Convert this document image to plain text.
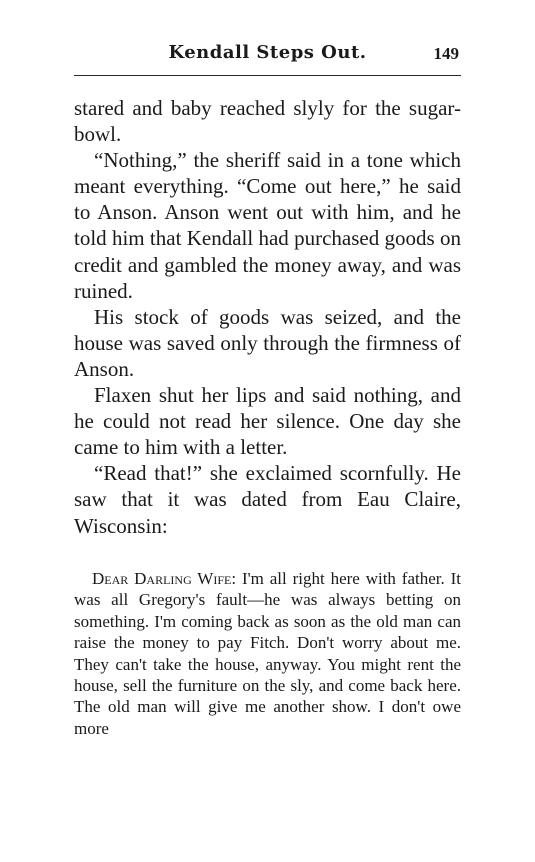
Kendall Steps Out.	149

stared and baby reached slyly for the sugar-bowl.

“Nothing,” the sheriff said in a tone which meant everything. “Come out here,” he said to Anson. Anson went out with him, and he told him that Kendall had purchased goods on credit and gambled the money away, and was ruined.

His stock of goods was seized, and the house was saved only through the firmness of Anson.

Flaxen shut her lips and said nothing, and he could not read her silence. One day she came to him with a letter.

“Read that!” she exclaimed scornfully. He saw that it was dated from Eau Claire, Wisconsin:

Dear Darling Wife: I'm all right here with father. It was all Gregory's fault—he was always betting on something. I'm coming back as soon as the old man can raise the money to pay Fitch. Don't worry about me. They can't take the house, anyway. You might rent the house, sell the furniture on the sly, and come back here. The old man will give me another show. I don't owe more
